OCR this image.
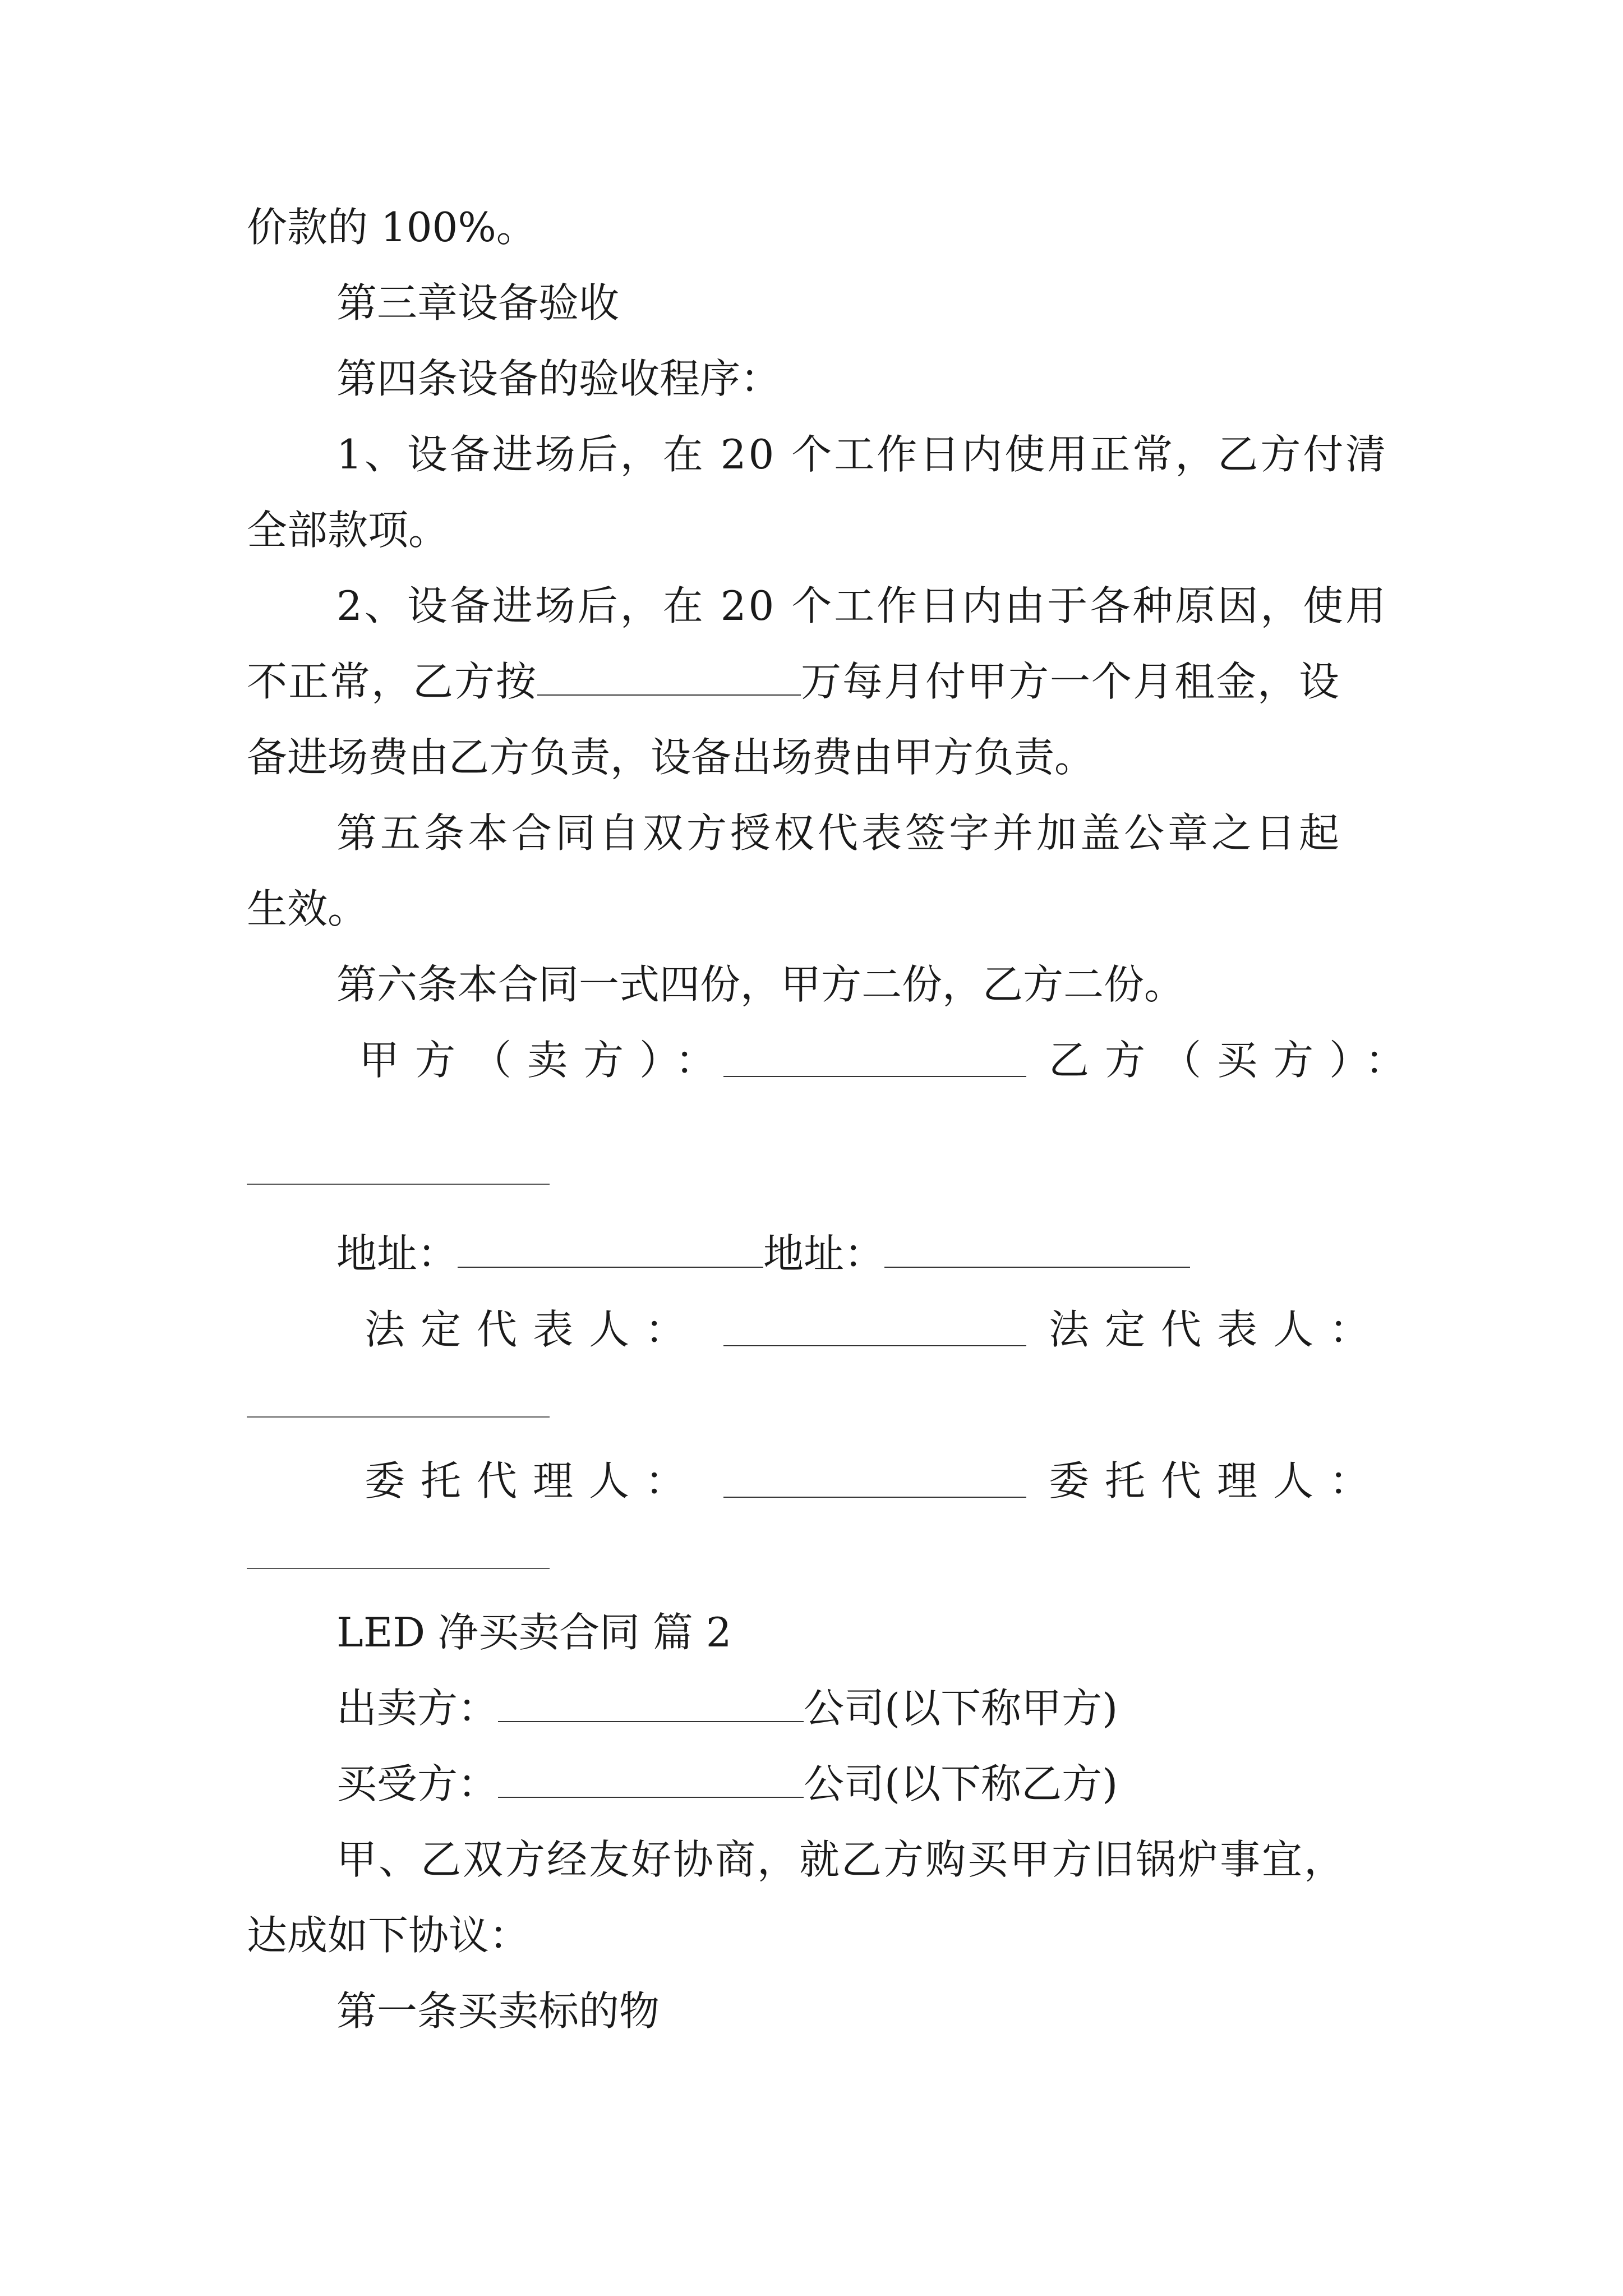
价款的 100%。
第三章设备验收
第四条设备的验收程序：
1、设备进场后，在 20 个工作日内使用正常，乙方付清
全部款项。
2、设备进场后，在 20 个工作日内由于各种原因，使用
不正常，乙方按	万每月付甲方一个月租金，设
备进场费由乙方负责，设备出场费由甲方负责。
第五条本合同自双方授权代表签字并加盖公章之日起
生效。
第六条本合同一式四份，甲方二份，乙方二份。
甲方（卖方）：	乙方（买方）：
地址：	地址：
法定代表人：	法定代表人：
委托代理人：	委托代理人：
LED 净买卖合同 篇 2
出卖方：	公司(以下称甲方)
买受方：	公司(以下称乙方)
甲、乙双方经友好协商，就乙方购买甲方旧锅炉事宜，
达成如下协议：
第一条买卖标的物
